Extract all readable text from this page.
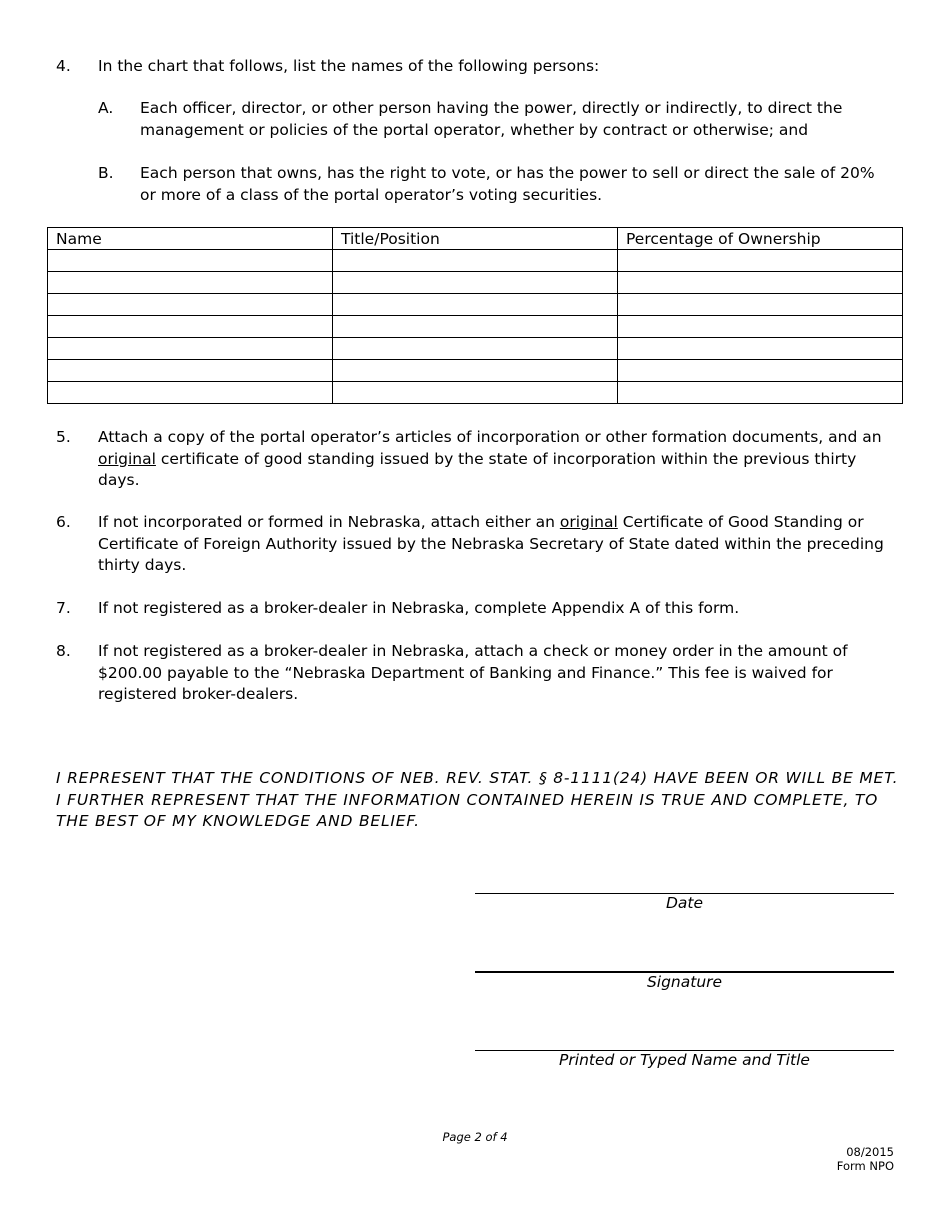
4. In the chart that follows, list the names of the following persons:
A. Each officer, director, or other person having the power, directly or indirectly, to direct the management or policies of the portal operator, whether by contract or otherwise; and
B. Each person that owns, has the right to vote, or has the power to sell or direct the sale of 20% or more of a class of the portal operator’s voting securities.
Name	Title/Position	Percentage of Ownership

5. Attach a copy of the portal operator’s articles of incorporation or other formation documents, and an original certificate of good standing issued by the state of incorporation within the previous thirty days.
6. If not incorporated or formed in Nebraska, attach either an original Certificate of Good Standing or Certificate of Foreign Authority issued by the Nebraska Secretary of State dated within the preceding thirty days.
7. If not registered as a broker-dealer in Nebraska, complete Appendix A of this form.
8. If not registered as a broker-dealer in Nebraska, attach a check or money order in the amount of $200.00 payable to the “Nebraska Department of Banking and Finance.” This fee is waived for registered broker-dealers.
I REPRESENT THAT THE CONDITIONS OF NEB. REV. STAT. § 8-1111(24) HAVE BEEN OR WILL BE MET. I FURTHER REPRESENT THAT THE INFORMATION CONTAINED HEREIN IS TRUE AND COMPLETE, TO THE BEST OF MY KNOWLEDGE AND BELIEF.
Date
Signature
Printed or Typed Name and Title
Page 2 of 4
08/2015
Form NPO
